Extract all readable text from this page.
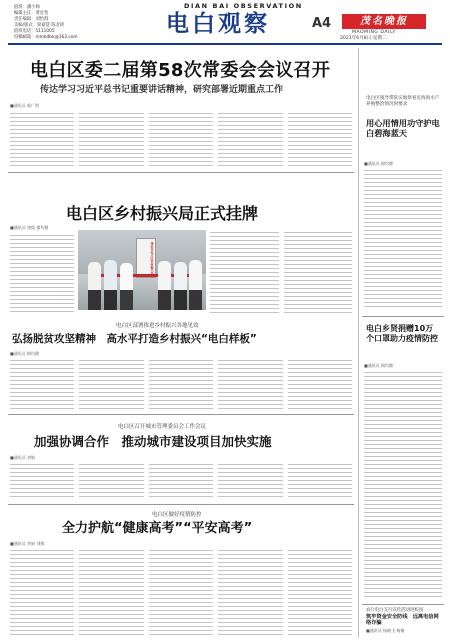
DIAN BAI OBSERVATION
值班：潘小帅
编辑主任：黄宜怡
责任编辑：刘怡群
美编/版式：梁嘉慧 陈龙妍
值班电话：5111005
投稿邮箱：mmbdbk@163.com
电白观察	A4	茂名晚报
MAOMING DAILY
2021年6月8日 星期二
电白区委二届第58次常委会会议召开
传达学习习近平总书记重要讲话精神，研究部署近期重点工作
■通讯员 陈广明
电白区乡村振兴局正式挂牌
■通讯员 唐俊 揭均健
茂名市电白区乡村振兴局
电白区部署推进乡村振兴各地见效
弘扬脱贫攻坚精神　高水平打造乡村振兴“电白样板”
■通讯员 揭均健
电白区召开城市管理委员会工作会议
加强协调合作　推动城市建设项目加快实施
■通讯员 刘敏
电白区做好疫情防控
全力护航“健康高考”“平安高考”
■通讯员 李娟 刘敏
电白区领导带队实地察看近海海水产养殖整治情况时要求
用心用情用功守护电白碧海蓝天
■通讯员 揭均健
电白乡贤捐赠10万个口罩助力疫情防控
■通讯员 揭均健
农行电白支行宣传活动进校园
筑牢资金安全防线　远离电信网络诈骗
■通讯员 杨晓飞 杨楠
